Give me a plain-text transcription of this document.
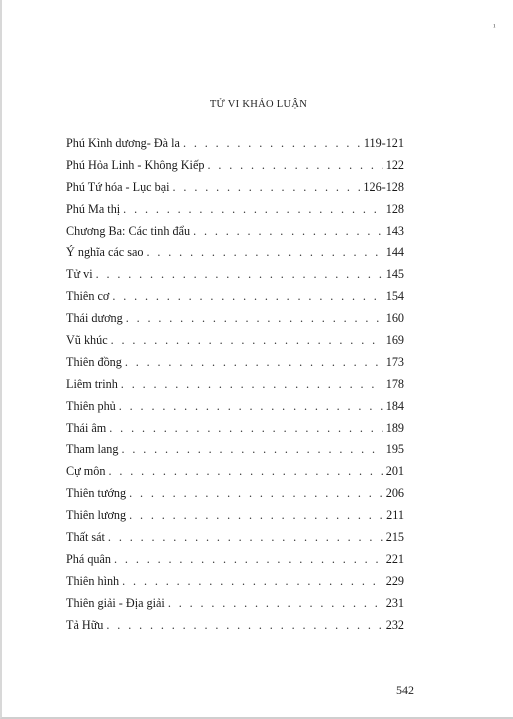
¹
TỬ VI KHẢO LUẬN
Phú Kình dương- Đà la . . .	119-121
Phú Hỏa Linh - Không Kiếp . . .	122
Phú Tứ hóa - Lục bại . . .	126-128
Phú Ma thị . . .	128
Chương Ba: Các tinh đẩu . . .	143
Ý nghĩa các sao . . .	144
Tử vi . . .	145
Thiên cơ . . .	154
Thái dương . . .	160
Vũ khúc . . .	169
Thiên đồng . . .	173
Liêm trinh . . .	178
Thiên phủ . . .	184
Thái âm . . .	189
Tham lang . . .	195
Cự môn . . .	201
Thiên tướng . . .	206
Thiên lương . . .	211
Thất sát . . .	215
Phá quân . . .	221
Thiên hình . . .	229
Thiên giải - Địa giải . . .	231
Tả Hữu . . .	232
542
